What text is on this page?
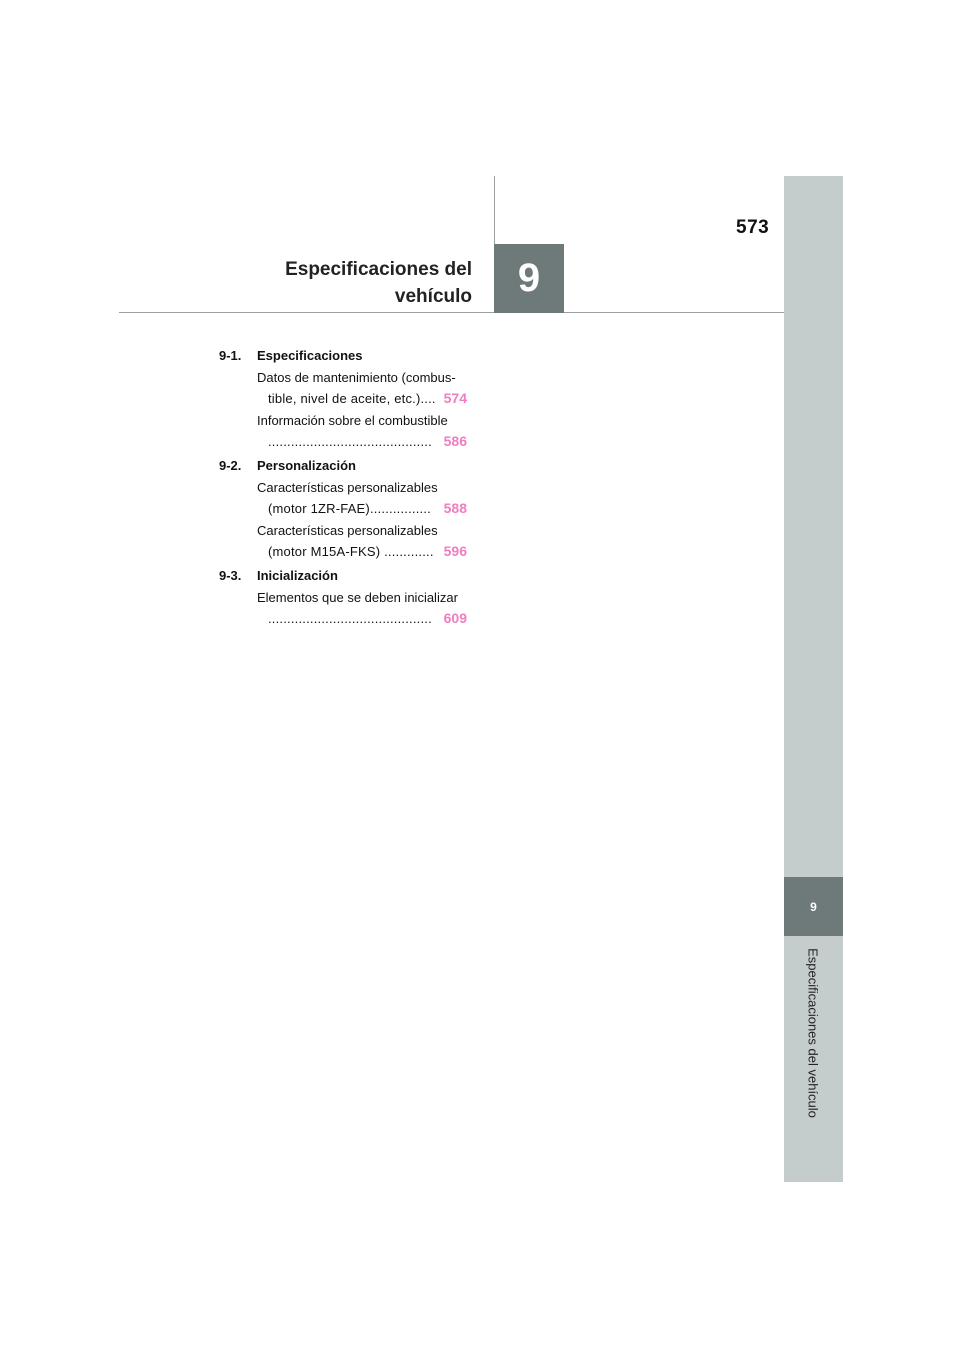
573
Especificaciones del
vehículo	9
9
Especificaciones del vehículo
9-1. Especificaciones
Datos de mantenimiento (combus-
tible, nivel de aceite, etc.).... 574
Información sobre el combustible
........................................... 586
9-2. Personalización
Características personalizables
(motor 1ZR-FAE)................ 588
Características personalizables
(motor M15A-FKS) ............. 596
9-3. Inicialización
Elementos que se deben inicializar
........................................... 609
